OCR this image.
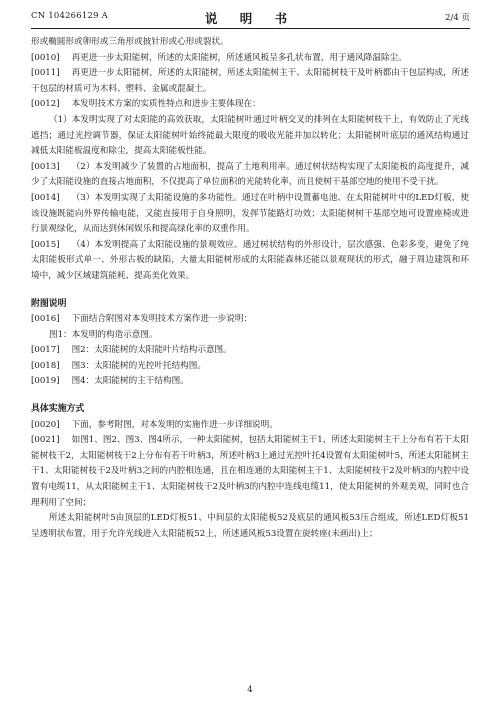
CN 104266129 A	说 明 书	2/4 页

形或椭圆形或卵形或三角形或披针形或心形或裂状。

[0010] 再更进一步太阳能树，所述的太阳能树，所述通风板呈多孔状布置，用于通风降温除尘。

[0011] 再更进一步太阳能树，所述的太阳能树，所述太阳能树主干、太阳能树枝干及叶柄都由干包层构成，所述干包层的材质可为木料、塑料、金属或混凝土。

[0012] 本发明技术方案的实质性特点和进步主要体现在：

（1）本发明实现了对太阳能的高效获取，太阳能树叶通过叶柄交叉的排列在太阳能树枝干上，有效防止了光线遮挡；通过光控调节器，保证太阳能树叶始终能最大限度的吸收光能并加以转化；太阳能树叶底层的通风结构通过减低太阳能板温度和除尘，提高太阳能板性能。

[0013] （2）本发明减少了装置的占地面积，提高了土地利用率。通过树状结构实现了太阳能板的高度提升，减少了太阳能设施的直接占地面积，不仅提高了单位面积的光能转化率，而且使树干基部空地的使用不受干扰。

[0014] （3）本发明实现了太阳能设施的多功能性。通过在叶柄中设置蓄电池、在太阳能树叶中的LED灯板，使该设施既能向外界传输电能，又能直接用于自身照明，发挥节能路灯功效；太阳能树树干基部空地可设置座椅或进行景观绿化，从而达到休闲娱乐和提高绿化率的双重作用。

[0015] （4）本发明提高了太阳能设施的景观效应。通过树状结构的外形设计，层次感强、色彩多变，避免了纯太阳能板形式单一、外形古板的缺陷，大量太阳能树形成的太阳能森林还能以景观现状的形式，融于周边建筑和环境中，减少区域建筑能耗、提高美化效果。

附图说明

[0016] 下面结合附图对本发明技术方案作进一步说明：

图1：本发明的构造示意图。

[0017] 图2：太阳能树的太阳能叶片结构示意图。

[0018] 图3：太阳能树的光控叶托结构图。

[0019] 图4：太阳能树的主干结构图。

具体实施方式

[0020] 下面，参考附图，对本发明的实施作进一步详细说明。

[0021] 如图1、图2、图3、图4所示，一种太阳能树，包括太阳能树主干1，所述太阳能树主干上分布有若干太阳能树枝干2，太阳能树枝干2上分布有若干叶柄3，所述叶柄3上通过光控叶托4设置有太阳能树叶5，所述太阳能树主干1、太阳能树枝干2及叶柄3之间的内腔相连通，且在相连通的太阳能树主干1、太阳能树枝干2及叶柄3的内腔中设置有电缆11，从太阳能树主干1、太阳能树枝干2及叶柄3的内腔中连线电缆11，使太阳能树的外观美观，同时也合理利用了空间；

所述太阳能树叶5由顶层的LED灯板51、中间层的太阳能板52及底层的通风板53压合组成，所述LED灯板51呈透明状布置，用于允许光线进入太阳能板52上，所述通风板53设置在旋转座(未画出)上；

4
